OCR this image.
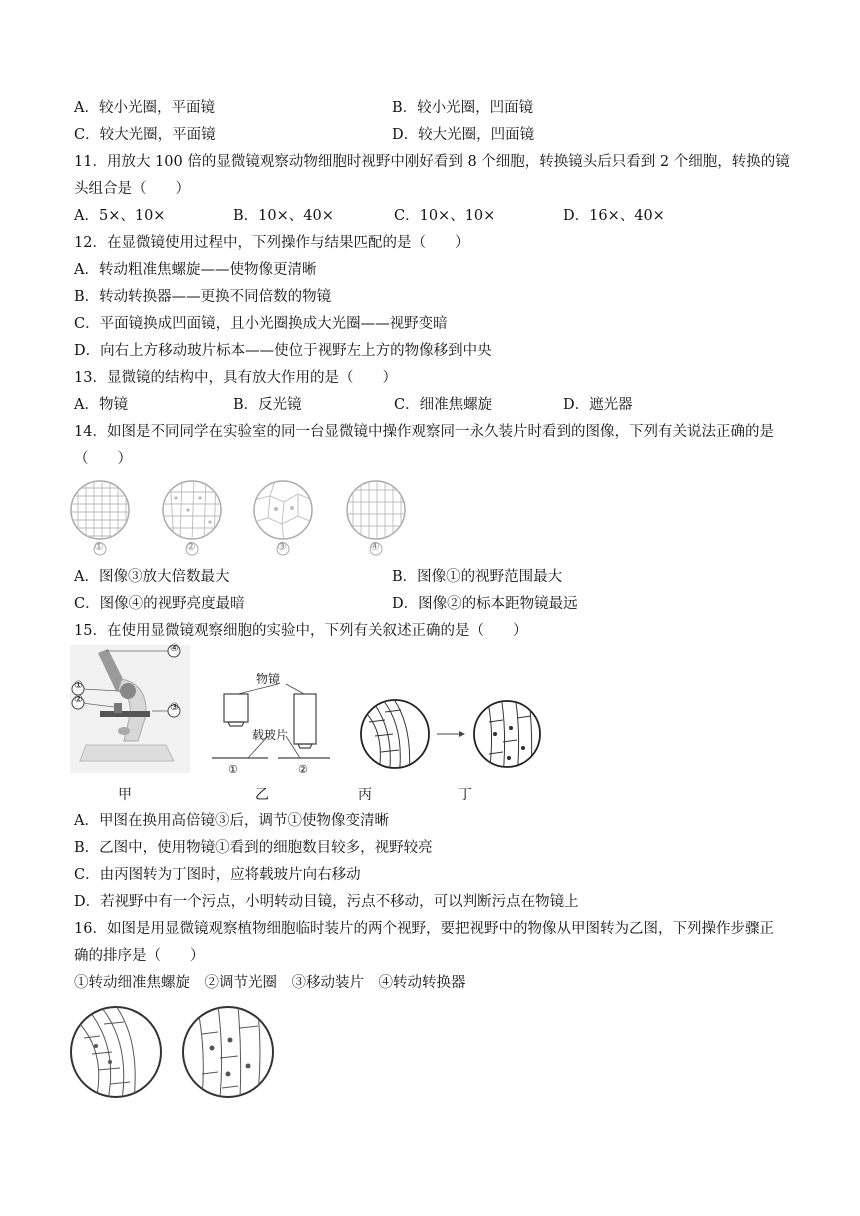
A．较小光圈，平面镜	B．较小光圈，凹面镜
C．较大光圈，平面镜	D．较大光圈，凹面镜
11．用放大 100 倍的显微镜观察动物细胞时视野中刚好看到 8 个细胞，转换镜头后只看到 2 个细胞，转换的镜
头组合是（　　）
A．5×、10×	B．10×、40×	C．10×、10×	D．16×、40×
12．在显微镜使用过程中，下列操作与结果匹配的是（　　）
A．转动粗准焦螺旋——使物像更清晰
B．转动转换器——更换不同倍数的物镜
C．平面镜换成凹面镜，且小光圈换成大光圈——视野变暗
D．向右上方移动玻片标本——使位于视野左上方的物像移到中央
13．显微镜的结构中，具有放大作用的是（　　）
A．物镜	B．反光镜	C．细准焦螺旋	D．遮光器
14．如图是不同同学在实验室的同一台显微镜中操作观察同一永久装片时看到的图像，下列有关说法正确的是
（　　）
①	②	③	④
A．图像③放大倍数最大	B．图像①的视野范围最大
C．图像④的视野亮度最暗	D．图像②的标本距物镜最远
15．在使用显微镜观察细胞的实验中，下列有关叙述正确的是（　　）
①
②
③
④
物镜
载玻片
①	②
甲	乙	丙	丁
A．甲图在换用高倍镜③后，调节①使物像变清晰
B．乙图中，使用物镜①看到的细胞数目较多，视野较亮
C．由丙图转为丁图时，应将载玻片向右移动
D．若视野中有一个污点，小明转动目镜，污点不移动，可以判断污点在物镜上
16．如图是用显微镜观察植物细胞临时装片的两个视野，要把视野中的物像从甲图转为乙图，下列操作步骤正
确的排序是（　　）
①转动细准焦螺旋　②调节光圈　③移动装片　④转动转换器
